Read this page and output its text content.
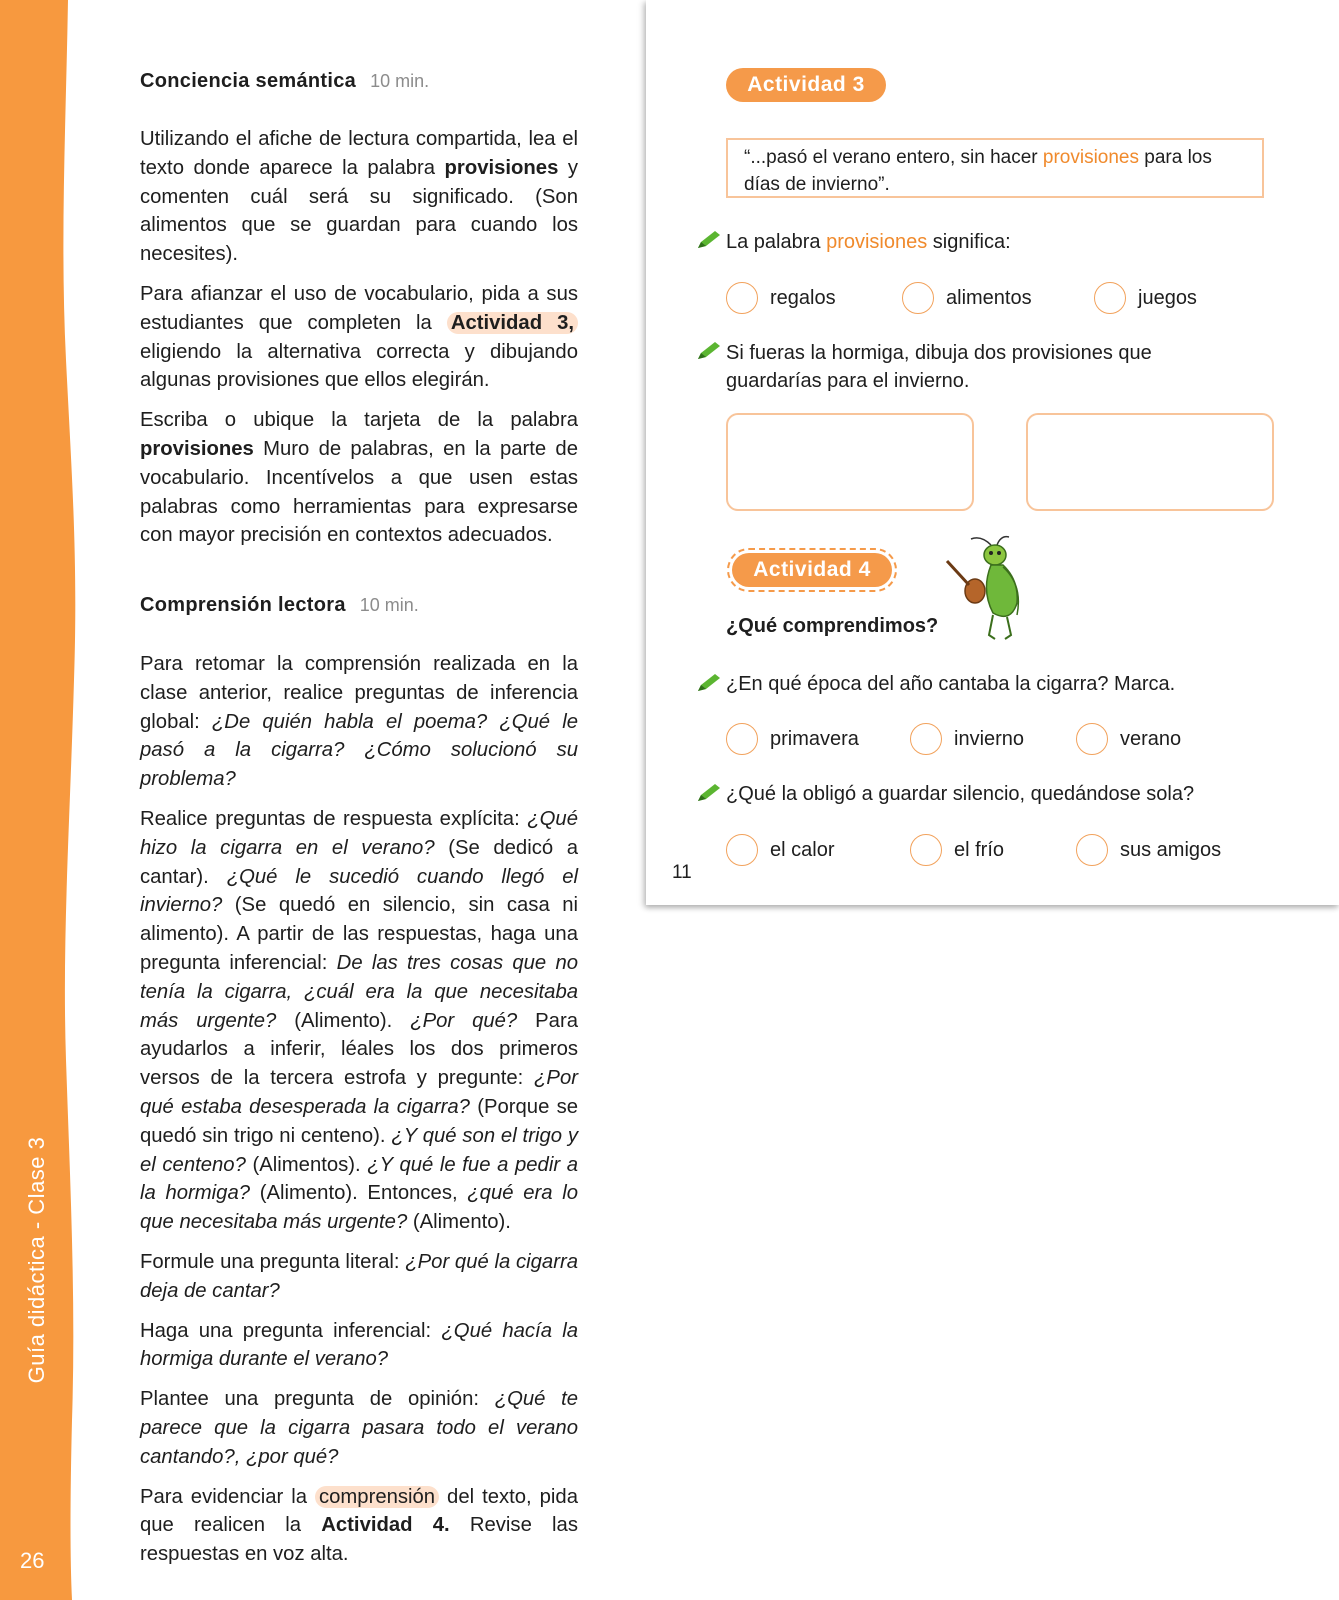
Guía didáctica - Clase 3
26
Conciencia semántica 10 min.

Utilizando el afiche de lectura compartida, lea el texto donde aparece la palabra provisiones y comenten cuál será su significado. (Son alimentos que se guardan para cuando los necesites).

Para afianzar el uso de vocabulario, pida a sus estudiantes que completen la Actividad 3, eligiendo la alternativa correcta y dibujando algunas provisiones que ellos elegirán.

Escriba o ubique la tarjeta de la palabra provisiones Muro de palabras, en la parte de vocabulario. Incentívelos a que usen estas palabras como herramientas para expresarse con mayor precisión en contextos adecuados.

Comprensión lectora 10 min.

Para retomar la comprensión realizada en la clase anterior, realice preguntas de inferencia global: ¿De quién habla el poema? ¿Qué le pasó a la cigarra? ¿Cómo solucionó su problema?

Realice preguntas de respuesta explícita: ¿Qué hizo la cigarra en el verano? (Se dedicó a cantar). ¿Qué le sucedió cuando llegó el invierno? (Se quedó en silencio, sin casa ni alimento). A partir de las respuestas, haga una pregunta inferencial: De las tres cosas que no tenía la cigarra, ¿cuál era la que necesitaba más urgente? (Alimento). ¿Por qué? Para ayudarlos a inferir, léales los dos primeros versos de la tercera estrofa y pregunte: ¿Por qué estaba desesperada la cigarra? (Porque se quedó sin trigo ni centeno). ¿Y qué son el trigo y el centeno? (Alimentos). ¿Y qué le fue a pedir a la hormiga? (Alimento). Entonces, ¿qué era lo que necesitaba más urgente? (Alimento).

Formule una pregunta literal: ¿Por qué la cigarra deja de cantar?

Haga una pregunta inferencial: ¿Qué hacía la hormiga durante el verano?

Plantee una pregunta de opinión: ¿Qué te parece que la cigarra pasara todo el verano cantando?, ¿por qué?

Para evidenciar la comprensión del texto, pida que realicen la Actividad 4. Revise las respuestas en voz alta.

Actividad 3
“...pasó el verano entero, sin hacer provisiones para los días de invierno”.
La palabra provisiones significa:
regalos	alimentos	juegos
Si fueras la hormiga, dibuja dos provisiones que guardarías para el invierno.
Actividad 4
¿Qué comprendimos?
¿En qué época del año cantaba la cigarra? Marca.
primavera	invierno	verano
¿Qué la obligó a guardar silencio, quedándose sola?
el calor	el frío	sus amigos
11
